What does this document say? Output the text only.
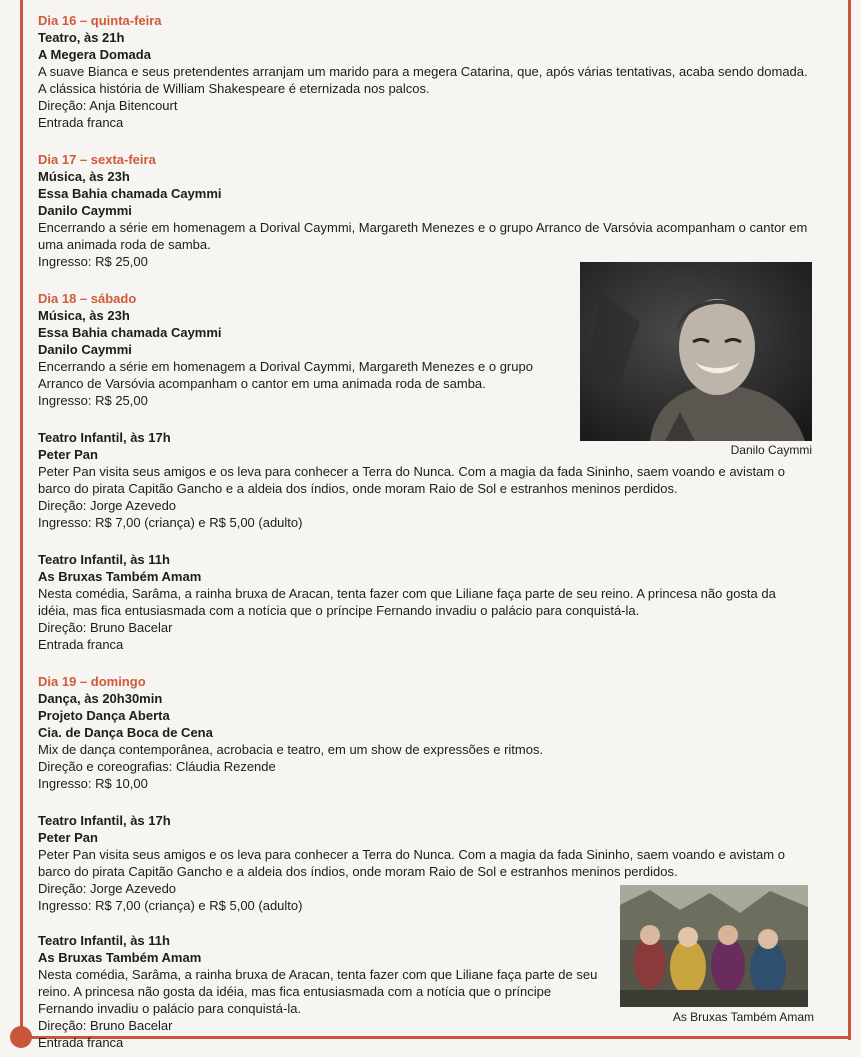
Dia 16 – quinta-feira
Teatro, às 21h
A Megera Domada
A suave Bianca e seus pretendentes arranjam um marido para a megera Catarina, que, após várias tentativas, acaba sendo domada. A clássica história de William Shakespeare é eternizada nos palcos.
Direção: Anja Bitencourt
Entrada franca
Dia 17 – sexta-feira
Música, às 23h
Essa Bahia chamada Caymmi
Danilo Caymmi
Encerrando a série em homenagem a Dorival Caymmi, Margareth Menezes e o grupo Arranco de Varsóvia acompanham o cantor em uma animada roda de samba.
Ingresso: R$ 25,00
Dia 18 – sábado
Música, às 23h
Essa Bahia chamada Caymmi
Danilo Caymmi
Encerrando a série em homenagem a Dorival Caymmi, Margareth Menezes e o grupo Arranco de Varsóvia acompanham o cantor em uma animada roda de samba.
Ingresso: R$ 25,00
Teatro Infantil, às 17h
Peter Pan
Peter Pan visita seus amigos e os leva para conhecer a Terra do Nunca. Com a magia da fada Sininho, saem voando e avistam o barco do pirata Capitão Gancho e a aldeia dos índios, onde moram Raio de Sol e estranhos meninos perdidos.
Direção: Jorge Azevedo
Ingresso: R$ 7,00 (criança) e R$ 5,00 (adulto)
Teatro Infantil, às 11h
As Bruxas Também Amam
Nesta comédia, Sarâma, a rainha bruxa de Aracan, tenta fazer com que Liliane faça parte de seu reino. A princesa não gosta da idéia, mas fica entusiasmada com a notícia que o príncipe Fernando invadiu o palácio para conquistá-la.
Direção: Bruno Bacelar
Entrada franca
Dia 19 – domingo
Dança, às 20h30min
Projeto Dança Aberta
Cia. de Dança Boca de Cena
Mix de dança contemporânea, acrobacia e teatro, em um show de expressões e ritmos.
Direção e coreografias: Cláudia Rezende
Ingresso: R$ 10,00
Teatro Infantil, às 17h
Peter Pan
Peter Pan visita seus amigos e os leva para conhecer a Terra do Nunca. Com a magia da fada Sininho, saem voando e avistam o barco do pirata Capitão Gancho e a aldeia dos índios, onde moram Raio de Sol e estranhos meninos perdidos.
Direção: Jorge Azevedo
Ingresso: R$ 7,00 (criança) e R$ 5,00 (adulto)
Teatro Infantil, às 11h
As Bruxas Também Amam
Nesta comédia, Sarâma, a rainha bruxa de Aracan, tenta fazer com que Liliane faça parte de seu reino. A princesa não gosta da idéia, mas fica entusiasmada com a notícia que o príncipe Fernando invadiu o palácio para conquistá-la.
Direção: Bruno Bacelar
Entrada franca
Danilo Caymmi
As Bruxas Também Amam
